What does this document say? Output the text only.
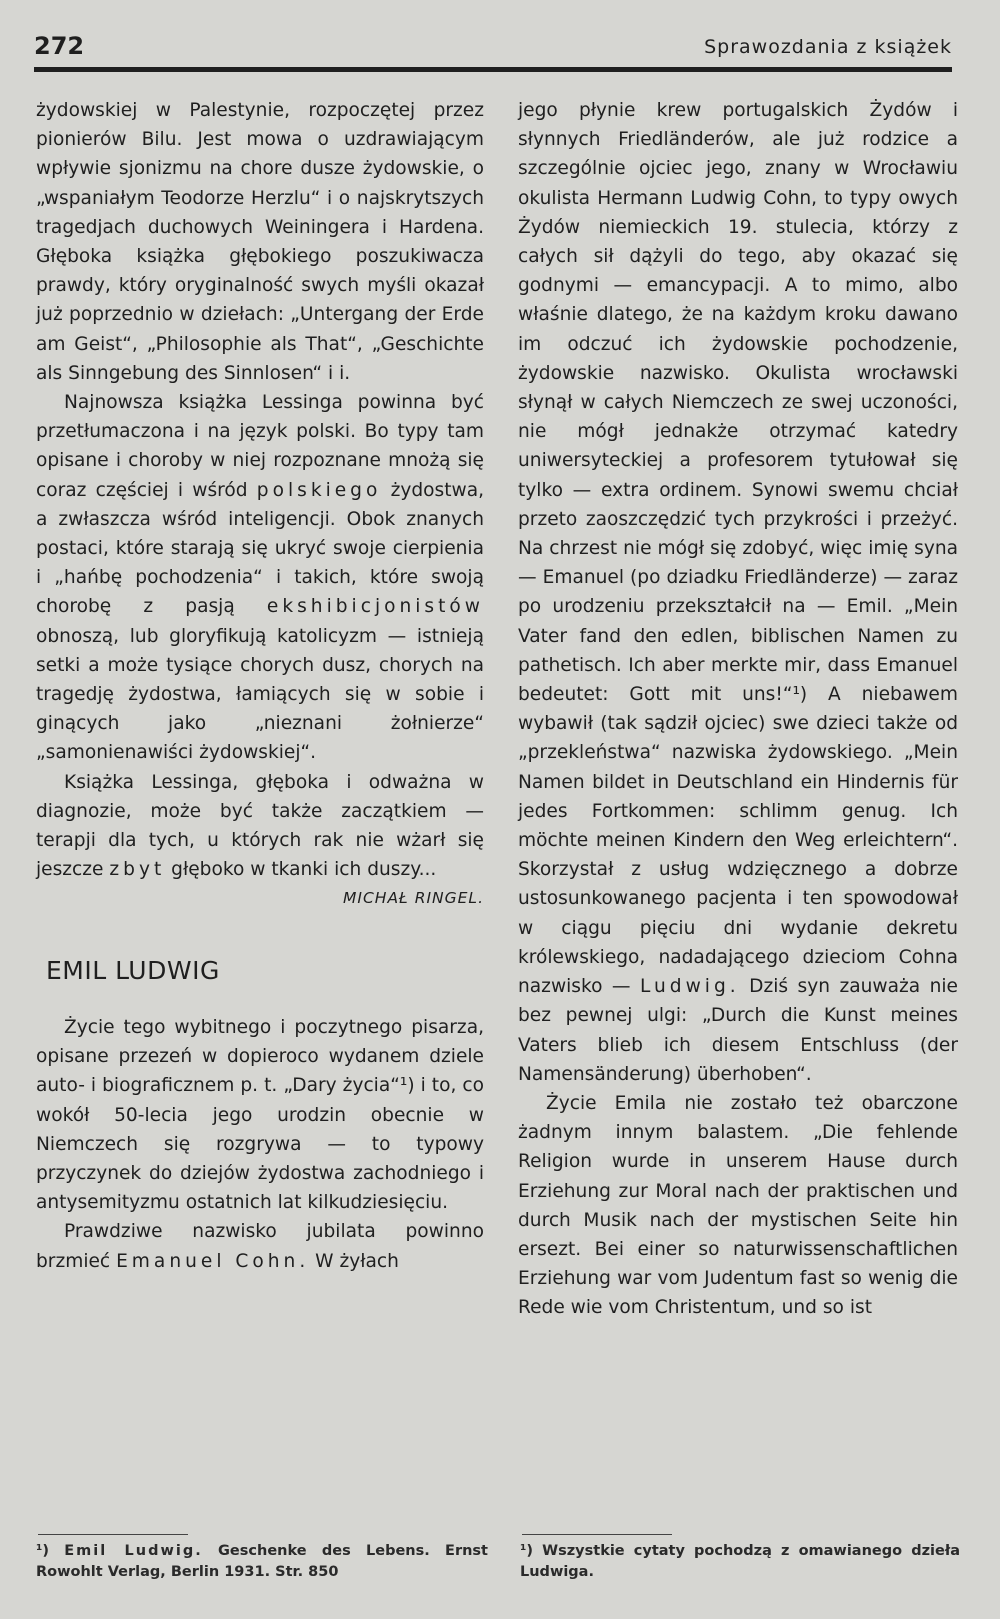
272	Sprawozdania z książek

żydowskiej w Palestynie, rozpoczętej przez pionierów Bilu. Jest mowa o uzdrawiającym wpływie sjonizmu na chore dusze żydowskie, o „wspaniałym Teodorze Herzlu“ i o najskrytszych tragedjach duchowych Weiningera i Hardena. Głęboka książka głębokiego poszukiwacza prawdy, który oryginalność swych myśli okazał już poprzednio w dziełach: „Untergang der Erde am Geist“, „Philosophie als That“, „Geschichte als Sinngebung des Sinnlosen“ i i.

Najnowsza książka Lessinga powinna być przetłumaczona i na język polski. Bo typy tam opisane i choroby w niej rozpoznane mnożą się coraz częściej i wśród polskiego żydostwa, a zwłaszcza wśród inteligencji. Obok znanych postaci, które starają się ukryć swoje cierpienia i „hańbę pochodzenia“ i takich, które swoją chorobę z pasją ekshibicjonistów obnoszą, lub gloryfikują katolicyzm — istnieją setki a może tysiące chorych dusz, chorych na tragedję żydostwa, łamiących się w sobie i ginących jako „nieznani żołnierze“ „samonienawiści żydowskiej“.

Książka Lessinga, głęboka i odważna w diagnozie, może być także zaczątkiem — terapji dla tych, u których rak nie wżarł się jeszcze zbyt głęboko w tkanki ich duszy...

MICHAŁ RINGEL.

EMIL LUDWIG

Życie tego wybitnego i poczytnego pisarza, opisane przezeń w dopieroco wydanem dziele auto- i biograficznem p. t. „Dary życia“¹) i to, co wokół 50-lecia jego urodzin obecnie w Niemczech się rozgrywa — to typowy przyczynek do dziejów żydostwa zachodniego i antysemityzmu ostatnich lat kilkudziesięciu.

Prawdziwe nazwisko jubilata powinno brzmieć Emanuel Cohn. W żyłach

jego płynie krew portugalskich Żydów i słynnych Friedländerów, ale już rodzice a szczególnie ojciec jego, znany w Wrocławiu okulista Hermann Ludwig Cohn, to typy owych Żydów niemieckich 19. stulecia, którzy z całych sił dążyli do tego, aby okazać się godnymi — emancypacji. A to mimo, albo właśnie dlatego, że na każdym kroku dawano im odczuć ich żydowskie pochodzenie, żydowskie nazwisko. Okulista wrocławski słynął w całych Niemczech ze swej uczoności, nie mógł jednakże otrzymać katedry uniwersyteckiej a profesorem tytułował się tylko — extra ordinem. Synowi swemu chciał przeto zaoszczędzić tych przykrości i przeżyć. Na chrzest nie mógł się zdobyć, więc imię syna — Emanuel (po dziadku Friedländerze) — zaraz po urodzeniu przekształcił na — Emil. „Mein Vater fand den edlen, biblischen Namen zu pathetisch. Ich aber merkte mir, dass Emanuel bedeutet: Gott mit uns!“¹) A niebawem wybawił (tak sądził ojciec) swe dzieci także od „przekleństwa“ nazwiska żydowskiego. „Mein Namen bildet in Deutschland ein Hindernis für jedes Fortkommen: schlimm genug. Ich möchte meinen Kindern den Weg erleichtern“. Skorzystał z usług wdzięcznego a dobrze ustosunkowanego pacjenta i ten spowodował w ciągu pięciu dni wydanie dekretu królewskiego, nadadającego dzieciom Cohna nazwisko — Ludwig. Dziś syn zauważa nie bez pewnej ulgi: „Durch die Kunst meines Vaters blieb ich diesem Entschluss (der Namensänderung) überhoben“.

Życie Emila nie zostało też obarczone żadnym innym balastem. „Die fehlende Religion wurde in unserem Hause durch Erziehung zur Moral nach der praktischen und durch Musik nach der mystischen Seite hin ersezt. Bei einer so naturwissenschaftlichen Erziehung war vom Judentum fast so wenig die Rede wie vom Christentum, und so ist

¹) Emil Ludwig. Geschenke des Lebens. Ernst Rowohlt Verlag, Berlin 1931. Str. 850
¹) Wszystkie cytaty pochodzą z omawianego dzieła Ludwiga.
